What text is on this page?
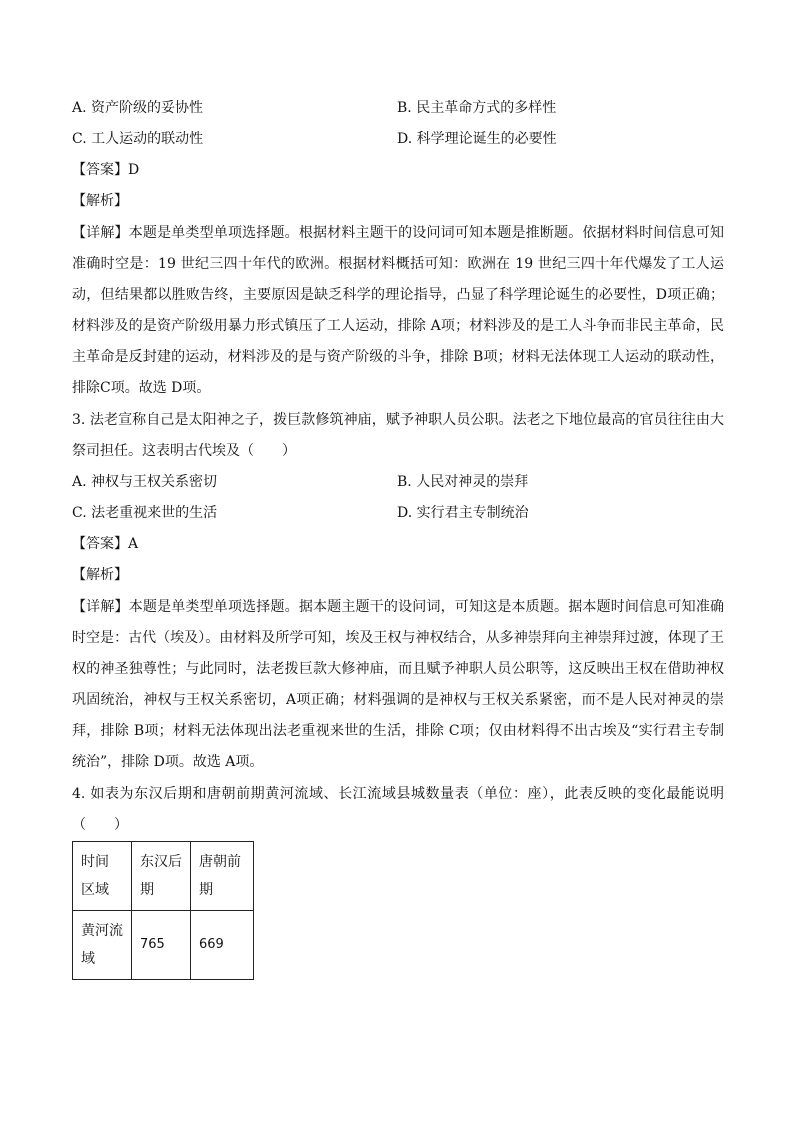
A. 资产阶级的妥协性	B. 民主革命方式的多样性
C. 工人运动的联动性	D. 科学理论诞生的必要性
【答案】D
【解析】
【详解】本题是单类型单项选择题。根据材料主题干的设问词可知本题是推断题。依据材料时间信息可知准确时空是：19 世纪三四十年代的欧洲。根据材料概括可知：欧洲在 19 世纪三四十年代爆发了工人运动，但结果都以胜败告终，主要原因是缺乏科学的理论指导，凸显了科学理论诞生的必要性，D项正确；材料涉及的是资产阶级用暴力形式镇压了工人运动，排除 A项；材料涉及的是工人斗争而非民主革命，民主革命是反封建的运动，材料涉及的是与资产阶级的斗争，排除 B项；材料无法体现工人运动的联动性，排除C项。故选 D项。
3. 法老宣称自己是太阳神之子，拨巨款修筑神庙，赋予神职人员公职。法老之下地位最高的官员往往由大祭司担任。这表明古代埃及（　　）
A. 神权与王权关系密切	B. 人民对神灵的崇拜
C. 法老重视来世的生活	D. 实行君主专制统治
【答案】A
【解析】
【详解】本题是单类型单项选择题。据本题主题干的设问词，可知这是本质题。据本题时间信息可知准确时空是：古代（埃及）。由材料及所学可知，埃及王权与神权结合，从多神崇拜向主神崇拜过渡，体现了王权的神圣独尊性；与此同时，法老拨巨款大修神庙，而且赋予神职人员公职等，这反映出王权在借助神权巩固统治，神权与王权关系密切，A项正确；材料强调的是神权与王权关系紧密，而不是人民对神灵的崇拜，排除 B项；材料无法体现出法老重视来世的生活，排除 C项；仅由材料得不出古埃及“实行君主专制统治”，排除 D项。故选 A项。
4. 如表为东汉后期和唐朝前期黄河流域、长江流域县城数量表（单位：座），此表反映的变化最能说明（　　）
时间
区域	东汉后期	唐朝前期
黄河流域	765	669
